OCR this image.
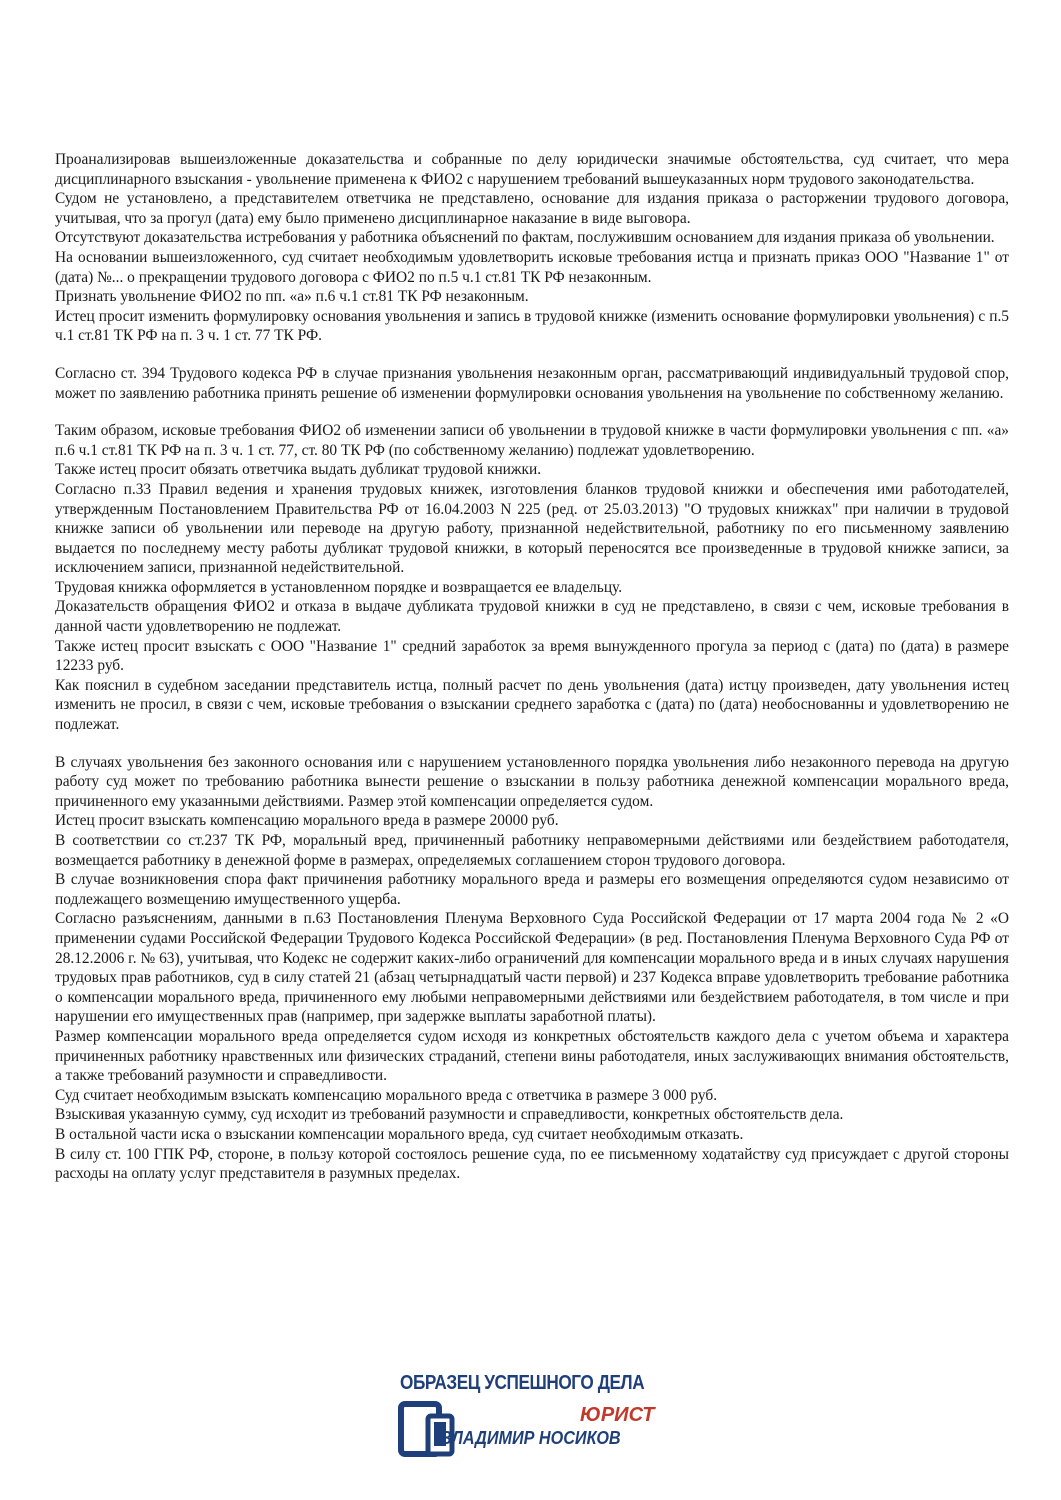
Проанализировав вышеизложенные доказательства и собранные по делу юридически значимые обстоятельства, суд считает, что мера дисциплинарного взыскания - увольнение применена к ФИО2 с нарушением требований вышеуказанных норм трудового законодательства.

Судом не установлено, а представителем ответчика не представлено, основание для издания приказа о расторжении трудового договора, учитывая, что за прогул (дата) ему было применено дисциплинарное наказание в виде выговора.

Отсутствуют доказательства истребования у работника объяснений по фактам, послужившим основанием для издания приказа об увольнении.

На основании вышеизложенного, суд считает необходимым удовлетворить исковые требования истца и признать приказ ООО "Название 1" от (дата) №... о прекращении трудового договора с ФИО2 по п.5 ч.1 ст.81 ТК РФ незаконным.

Признать увольнение ФИО2 по пп. «а» п.6 ч.1 ст.81 ТК РФ незаконным.

Истец просит изменить формулировку основания увольнения и запись в трудовой книжке (изменить основание формулировки увольнения) с п.5 ч.1 ст.81 ТК РФ на п. 3 ч. 1 ст. 77 ТК РФ.

Согласно ст. 394 Трудового кодекса РФ в случае признания увольнения незаконным орган, рассматривающий индивидуальный трудовой спор, может по заявлению работника принять решение об изменении формулировки основания увольнения на увольнение по собственному желанию.

Таким образом, исковые требования ФИО2 об изменении записи об увольнении в трудовой книжке в части формулировки увольнения с пп. «а» п.6 ч.1 ст.81 ТК РФ на п. 3 ч. 1 ст. 77, ст. 80 ТК РФ (по собственному желанию) подлежат удовлетворению.

Также истец просит обязать ответчика выдать дубликат трудовой книжки.

Согласно п.33 Правил ведения и хранения трудовых книжек, изготовления бланков трудовой книжки и обеспечения ими работодателей, утвержденным Постановлением Правительства РФ от 16.04.2003 N 225 (ред. от 25.03.2013) "О трудовых книжках" при наличии в трудовой книжке записи об увольнении или переводе на другую работу, признанной недействительной, работнику по его письменному заявлению выдается по последнему месту работы дубликат трудовой книжки, в который переносятся все произведенные в трудовой книжке записи, за исключением записи, признанной недействительной.

Трудовая книжка оформляется в установленном порядке и возвращается ее владельцу.

Доказательств обращения ФИО2 и отказа в выдаче дубликата трудовой книжки в суд не представлено, в связи с чем, исковые требования в данной части удовлетворению не подлежат.

Также истец просит взыскать с ООО "Название 1" средний заработок за время вынужденного прогула за период с (дата) по (дата) в размере 12233 руб.

Как пояснил в судебном заседании представитель истца, полный расчет по день увольнения (дата) истцу произведен, дату увольнения истец изменить не просил, в связи с чем, исковые требования о взыскании среднего заработка с (дата) по (дата) необоснованны и удовлетворению не подлежат.

В случаях увольнения без законного основания или с нарушением установленного порядка увольнения либо незаконного перевода на другую работу суд может по требованию работника вынести решение о взыскании в пользу работника денежной компенсации морального вреда, причиненного ему указанными действиями. Размер этой компенсации определяется судом.

Истец просит взыскать компенсацию морального вреда в размере 20000 руб.

В соответствии со ст.237 ТК РФ, моральный вред, причиненный работнику неправомерными действиями или бездействием работодателя, возмещается работнику в денежной форме в размерах, определяемых соглашением сторон трудового договора.

В случае возникновения спора факт причинения работнику морального вреда и размеры его возмещения определяются судом независимо от подлежащего возмещению имущественного ущерба.

Согласно разъяснениям, данными в п.63 Постановления Пленума Верховного Суда Российской Федерации от 17 марта 2004 года № 2 «О применении судами Российской Федерации Трудового Кодекса Российской Федерации» (в ред. Постановления Пленума Верховного Суда РФ от 28.12.2006 г. № 63), учитывая, что Кодекс не содержит каких-либо ограничений для компенсации морального вреда и в иных случаях нарушения трудовых прав работников, суд в силу статей 21 (абзац четырнадцатый части первой) и 237 Кодекса вправе удовлетворить требование работника о компенсации морального вреда, причиненного ему любыми неправомерными действиями или бездействием работодателя, в том числе и при нарушении его имущественных прав (например, при задержке выплаты заработной платы).

Размер компенсации морального вреда определяется судом исходя из конкретных обстоятельств каждого дела с учетом объема и характера причиненных работнику нравственных или физических страданий, степени вины работодателя, иных заслуживающих внимания обстоятельств, а также требований разумности и справедливости.

Суд считает необходимым взыскать компенсацию морального вреда с ответчика в размере 3 000 руб.

Взыскивая указанную сумму, суд исходит из требований разумности и справедливости, конкретных обстоятельств дела.

В остальной части иска о взыскании компенсации морального вреда, суд считает необходимым отказать.

В силу ст. 100 ГПК РФ, стороне, в пользу которой состоялось решение суда, по ее письменному ходатайству суд присуждает с другой стороны расходы на оплату услуг представителя в разумных пределах.

ОБРАЗЕЦ УСПЕШНОГО ДЕЛА
ЮРИСТ
ВЛАДИМИР НОСИКОВ
